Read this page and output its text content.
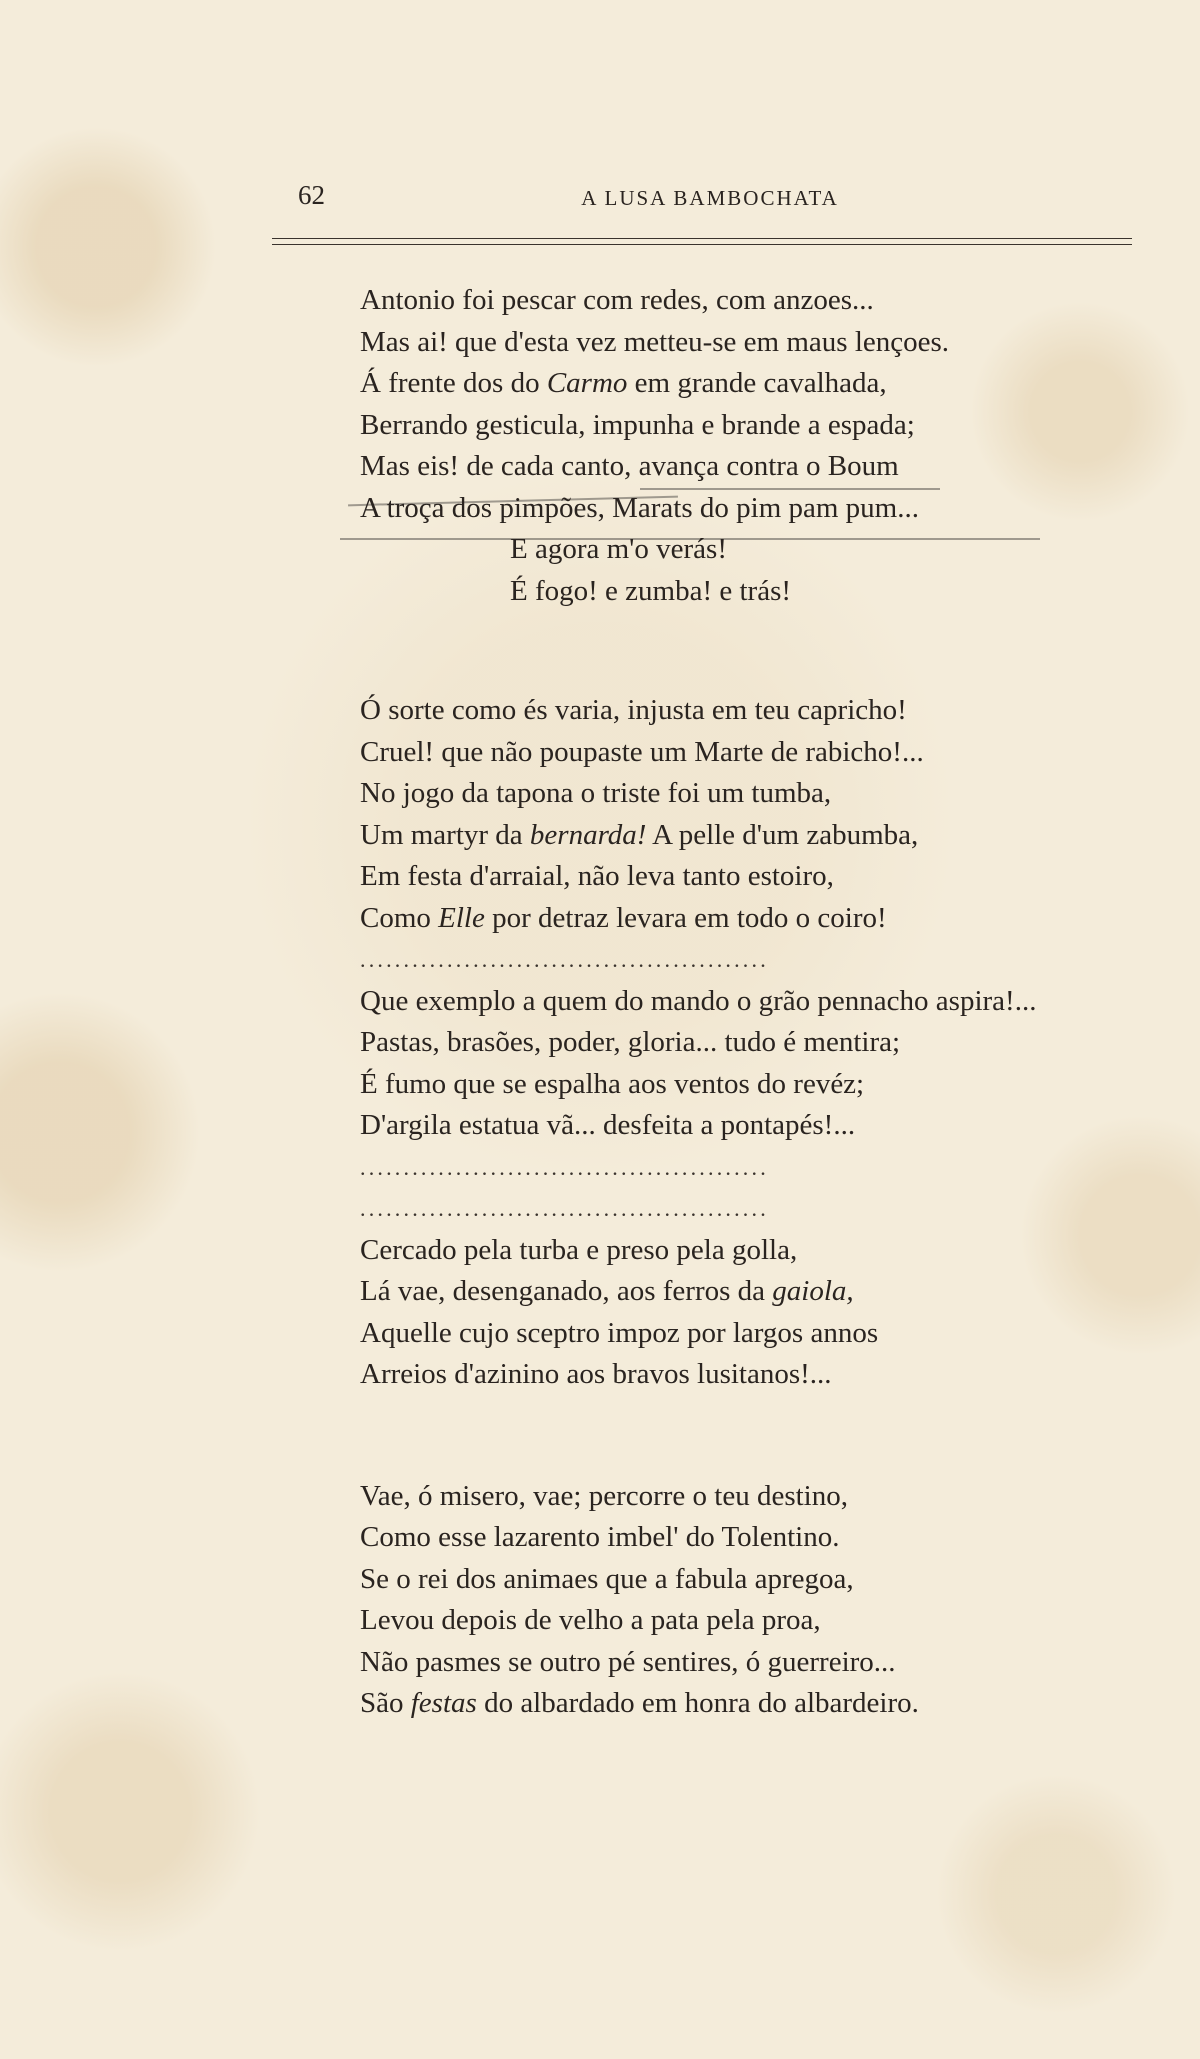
62	A LUSA BAMBOCHATA
Antonio foi pescar com redes, com anzoes...
Mas ai! que d'esta vez metteu-se em maus lençoes.
Á frente dos do Carmo em grande cavalhada,
Berrando gesticula, impunha e brande a espada;
Mas eis! de cada canto, avança contra o Boum
A troça dos pimpões, Marats do pim pam pum...
E agora m'o verás!
É fogo! e zumba! e trás!
Ó sorte como és varia, injusta em teu capricho!
Cruel! que não poupaste um Marte de rabicho!...
No jogo da tapona o triste foi um tumba,
Um martyr da bernarda! A pelle d'um zabumba,
Em festa d'arraial, não leva tanto estoiro,
Como Elle por detraz levara em todo o coiro!
...............................................
Que exemplo a quem do mando o grão pennacho aspira!...
Pastas, brasões, poder, gloria... tudo é mentira;
É fumo que se espalha aos ventos do revéz;
D'argila estatua vã... desfeita a pontapés!...
...............................................
...............................................
Cercado pela turba e preso pela golla,
Lá vae, desenganado, aos ferros da gaiola,
Aquelle cujo sceptro impoz por largos annos
Arreios d'azinino aos bravos lusitanos!...
Vae, ó misero, vae; percorre o teu destino,
Como esse lazarento imbel' do Tolentino.
Se o rei dos animaes que a fabula apregoa,
Levou depois de velho a pata pela proa,
Não pasmes se outro pé sentires, ó guerreiro...
São festas do albardado em honra do albardeiro.
